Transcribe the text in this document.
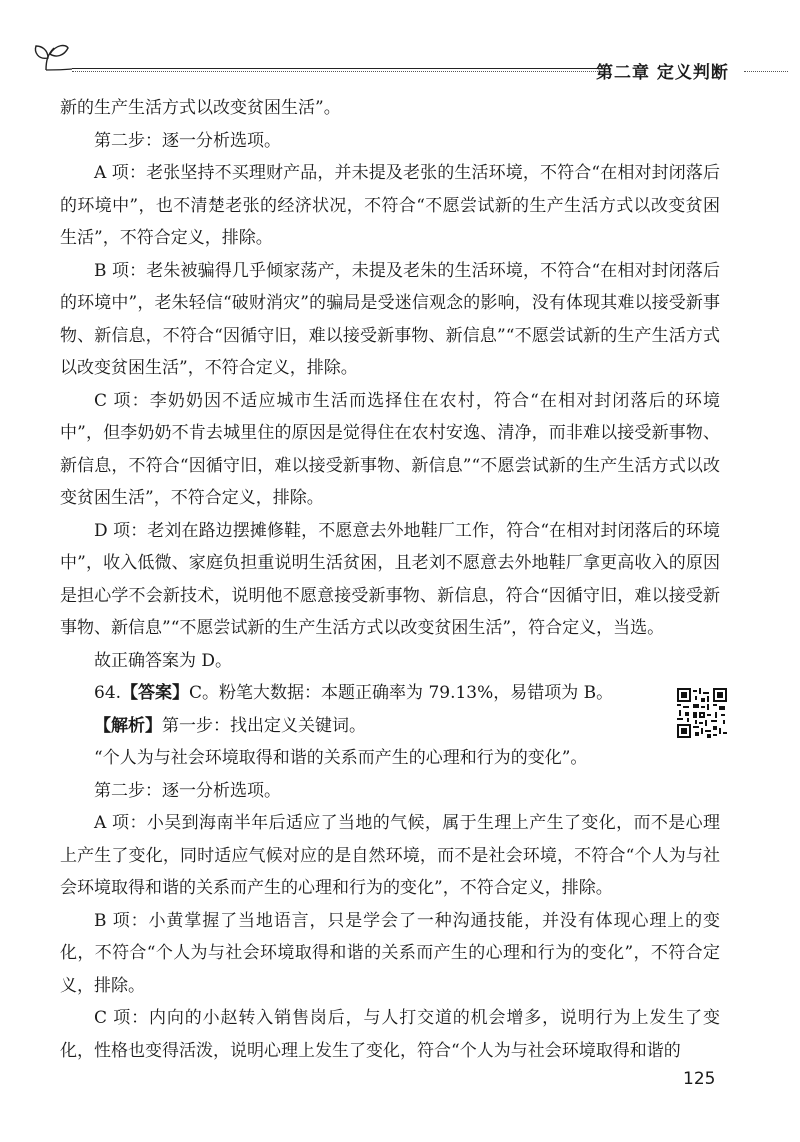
第二章 定义判断

新的生产生活方式以改变贫困生活”。

第二步：逐一分析选项。

A 项：老张坚持不买理财产品，并未提及老张的生活环境，不符合“在相对封闭落后的环境中”，也不清楚老张的经济状况，不符合“不愿尝试新的生产生活方式以改变贫困生活”，不符合定义，排除。

B 项：老朱被骗得几乎倾家荡产，未提及老朱的生活环境，不符合“在相对封闭落后的环境中”，老朱轻信“破财消灾”的骗局是受迷信观念的影响，没有体现其难以接受新事物、新信息，不符合“因循守旧，难以接受新事物、新信息”“不愿尝试新的生产生活方式以改变贫困生活”，不符合定义，排除。

C 项：李奶奶因不适应城市生活而选择住在农村，符合“在相对封闭落后的环境中”，但李奶奶不肯去城里住的原因是觉得住在农村安逸、清净，而非难以接受新事物、新信息，不符合“因循守旧，难以接受新事物、新信息”“不愿尝试新的生产生活方式以改变贫困生活”，不符合定义，排除。

D 项：老刘在路边摆摊修鞋，不愿意去外地鞋厂工作，符合“在相对封闭落后的环境中”，收入低微、家庭负担重说明生活贫困，且老刘不愿意去外地鞋厂拿更高收入的原因是担心学不会新技术，说明他不愿意接受新事物、新信息，符合“因循守旧，难以接受新事物、新信息”“不愿尝试新的生产生活方式以改变贫困生活”，符合定义，当选。

故正确答案为 D。

64.【答案】C。粉笔大数据：本题正确率为 79.13%，易错项为 B。

【解析】第一步：找出定义关键词。

“个人为与社会环境取得和谐的关系而产生的心理和行为的变化”。

第二步：逐一分析选项。

A 项：小吴到海南半年后适应了当地的气候，属于生理上产生了变化，而不是心理上产生了变化，同时适应气候对应的是自然环境，而不是社会环境，不符合“个人为与社会环境取得和谐的关系而产生的心理和行为的变化”，不符合定义，排除。

B 项：小黄掌握了当地语言，只是学会了一种沟通技能，并没有体现心理上的变化，不符合“个人为与社会环境取得和谐的关系而产生的心理和行为的变化”，不符合定义，排除。

C 项：内向的小赵转入销售岗后，与人打交道的机会增多，说明行为上发生了变化，性格也变得活泼，说明心理上发生了变化，符合“个人为与社会环境取得和谐的

125
